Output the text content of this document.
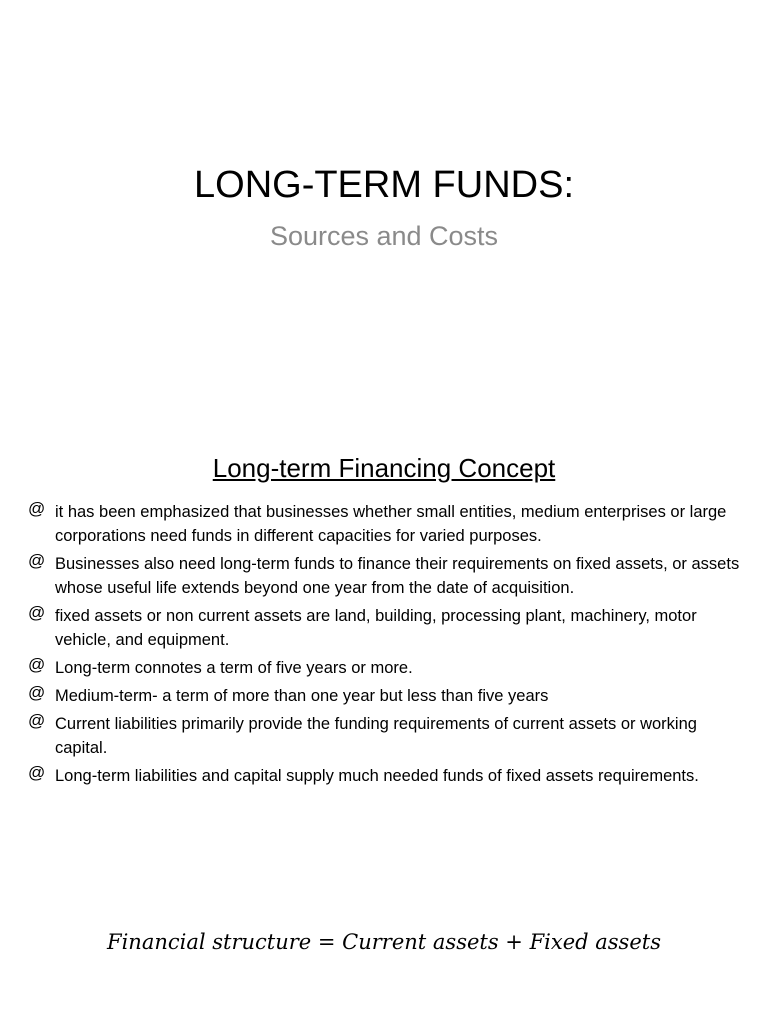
LONG-TERM FUNDS:
Sources and Costs
Long-term Financing Concept
@ it has been emphasized that businesses whether small entities, medium enterprises or large corporations need funds in different capacities for varied purposes.
@ Businesses also need long-term funds to finance their requirements on fixed assets, or assets whose useful life extends beyond one year from the date of acquisition.
@ fixed assets or non current assets are land, building, processing plant, machinery, motor vehicle, and equipment.
@ Long-term connotes a term of five years or more.
@ Medium-term- a term of more than one year but less than five years
@ Current liabilities primarily provide the funding requirements of current assets or working capital.
@ Long-term liabilities and capital supply much needed funds of fixed assets requirements.

Financial structure = Current assets + Fixed assets
